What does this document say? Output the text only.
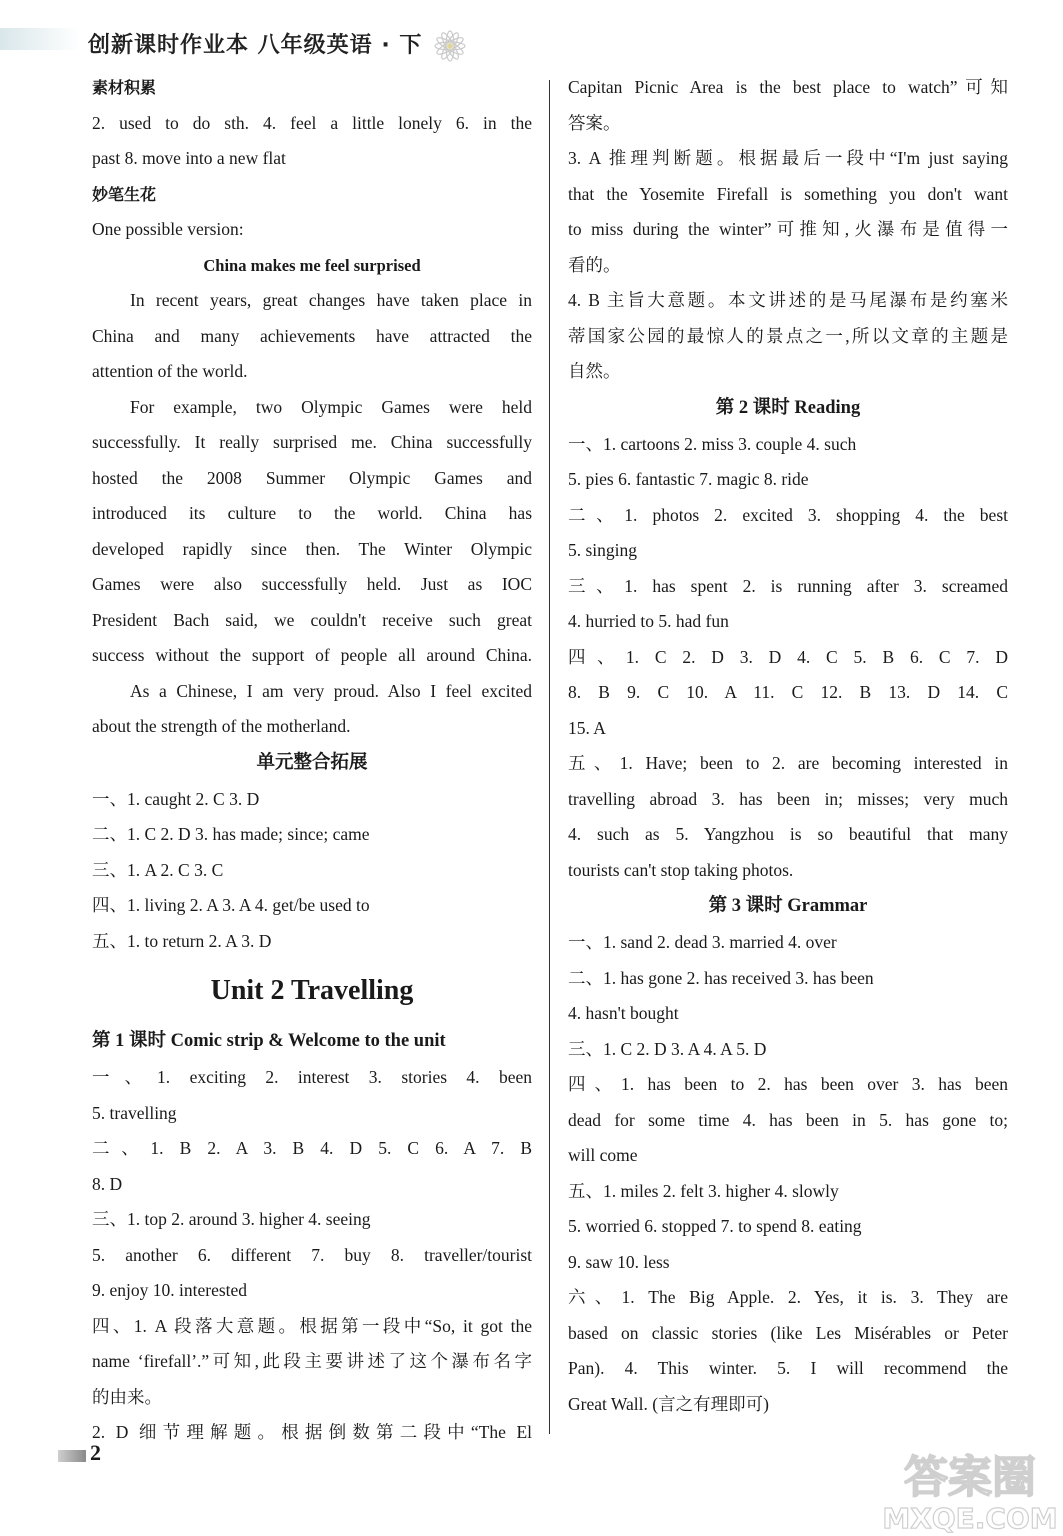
创新课时作业本 八年级英语 · 下
素材积累
2. used to do sth. 4. feel a little lonely 6. in the
past 8. move into a new flat
妙笔生花
One possible version:
China makes me feel surprised
In recent years, great changes have taken place in
China and many achievements have attracted the
attention of the world.
For example, two Olympic Games were held
successfully. It really surprised me. China successfully
hosted the 2008 Summer Olympic Games and
introduced its culture to the world. China has
developed rapidly since then. The Winter Olympic
Games were also successfully held. Just as IOC
President Bach said, we couldn't receive such great
success without the support of people all around China.
As a Chinese, I am very proud. Also I feel excited
about the strength of the motherland.
单元整合拓展
一、1. caught 2. C 3. D
二、1. C 2. D 3. has made; since; came
三、1. A 2. C 3. C
四、1. living 2. A 3. A 4. get/be used to
五、1. to return 2. A 3. D
Unit 2 Travelling
第 1 课时 Comic strip & Welcome to the unit
一、1. exciting 2. interest 3. stories 4. been
5. travelling
二、1. B 2. A 3. B 4. D 5. C 6. A 7. B
8. D
三、1. top 2. around 3. higher 4. seeing
5. another 6. different 7. buy 8. traveller/tourist
9. enjoy 10. interested
四、1. A 段落大意题。根据第一段中“So, it got the
name ‘firefall’.”可知,此段主要讲述了这个瀑布名字
的由来。
2. D 细节理解题。根据倒数第二段中“The El
Capitan Picnic Area is the best place to watch”可知
答案。
3. A 推理判断题。根据最后一段中“I'm just saying
that the Yosemite Firefall is something you don't want
to miss during the winter”可推知,火瀑布是值得一
看的。
4. B 主旨大意题。本文讲述的是马尾瀑布是约塞米
蒂国家公园的最惊人的景点之一,所以文章的主题是
自然。
第 2 课时 Reading
一、1. cartoons 2. miss 3. couple 4. such
5. pies 6. fantastic 7. magic 8. ride
二、1. photos 2. excited 3. shopping 4. the best
5. singing
三、1. has spent 2. is running after 3. screamed
4. hurried to 5. had fun
四、1. C 2. D 3. D 4. C 5. B 6. C 7. D
8. B 9. C 10. A 11. C 12. B 13. D 14. C
15. A
五、1. Have; been to 2. are becoming interested in
travelling abroad 3. has been in; misses; very much
4. such as 5. Yangzhou is so beautiful that many
tourists can't stop taking photos.
第 3 课时 Grammar
一、1. sand 2. dead 3. married 4. over
二、1. has gone 2. has received 3. has been
4. hasn't bought
三、1. C 2. D 3. A 4. A 5. D
四、1. has been to 2. has been over 3. has been
dead for some time 4. has been in 5. has gone to;
will come
五、1. miles 2. felt 3. higher 4. slowly
5. worried 6. stopped 7. to spend 8. eating
9. saw 10. less
六、1. The Big Apple. 2. Yes, it is. 3. They are
based on classic stories (like Les Misérables or Peter
Pan). 4. This winter. 5. I will recommend the
Great Wall. (言之有理即可)
2	答案圈
MXQE.COM
